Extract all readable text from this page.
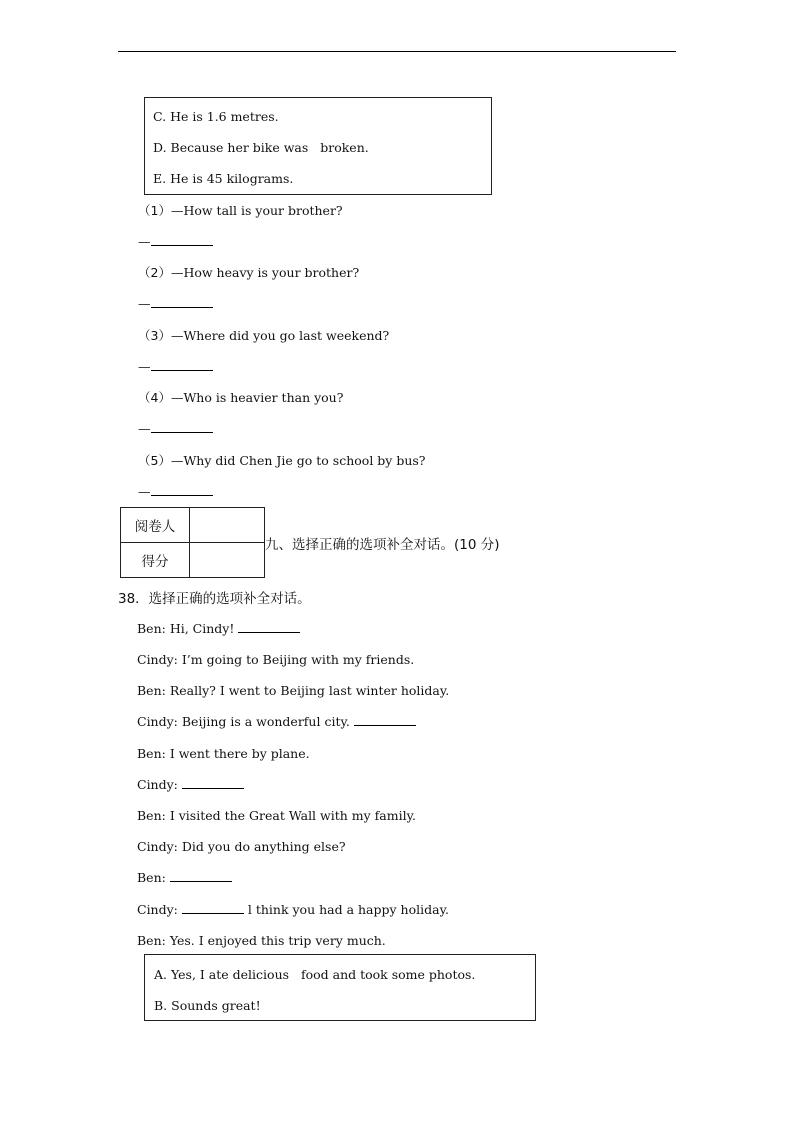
C. He is 1.6 metres.
D. Because her bike was   broken.
E. He is 45 kilograms.
（1）—How tall is your brother?
—
（2）—How heavy is your brother?
—
（3）—Where did you go last weekend?
—
（4）—Who is heavier than you?
—
（5）—Why did Chen Jie go to school by bus?
—
阅卷人	
得分	
九、选择正确的选项补全对话。(10 分)
38．选择正确的选项补全对话。
Ben: Hi, Cindy!
Cindy: I’m going to Beijing with my friends.
Ben: Really? I went to Beijing last winter holiday.
Cindy: Beijing is a wonderful city.
Ben: I went there by plane.
Cindy:
Ben: I visited the Great Wall with my family.
Cindy: Did you do anything else?
Ben:
Cindy:	l think you had a happy holiday.
Ben: Yes. I enjoyed this trip very much.
A. Yes, I ate delicious   food and took some photos.
B. Sounds great!
